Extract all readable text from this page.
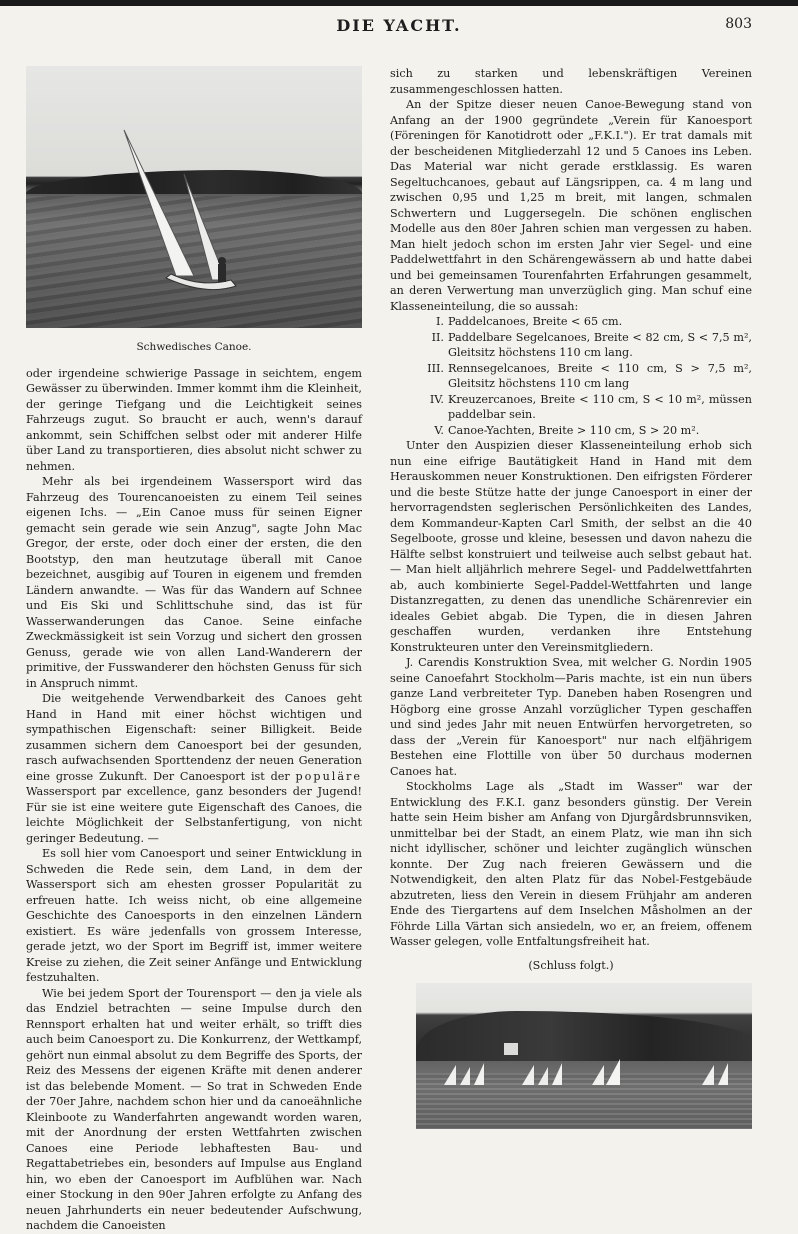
DIE YACHT.	803
Schwedisches Canoe.

oder irgendeine schwierige Passage in seichtem, engem Gewässer zu überwinden. Immer kommt ihm die Kleinheit, der geringe Tiefgang und die Leichtigkeit seines Fahrzeugs zugut. So braucht er auch, wenn's darauf ankommt, sein Schiffchen selbst oder mit anderer Hilfe über Land zu transportieren, dies absolut nicht schwer zu nehmen.

Mehr als bei irgendeinem Wassersport wird das Fahrzeug des Tourencanoeisten zu einem Teil seines eigenen Ichs. — „Ein Canoe muss für seinen Eigner gemacht sein gerade wie sein Anzug", sagte John Mac Gregor, der erste, oder doch einer der ersten, die den Bootstyp, den man heutzutage überall mit Canoe bezeichnet, ausgibig auf Touren in eigenem und fremden Ländern anwandte. — Was für das Wandern auf Schnee und Eis Ski und Schlittschuhe sind, das ist für Wasserwanderungen das Canoe. Seine einfache Zweckmässigkeit ist sein Vorzug und sichert den grossen Genuss, gerade wie von allen Land-Wanderern der primitive, der Fusswanderer den höchsten Genuss für sich in Anspruch nimmt.

Die weitgehende Verwendbarkeit des Canoes geht Hand in Hand mit einer höchst wichtigen und sympathischen Eigenschaft: seiner Billigkeit. Beide zusammen sichern dem Canoesport bei der gesunden, rasch aufwachsenden Sporttendenz der neuen Generation eine grosse Zukunft. Der Canoesport ist der populäre Wassersport par excellence, ganz besonders der Jugend! Für sie ist eine weitere gute Eigenschaft des Canoes, die leichte Möglichkeit der Selbstanfertigung, von nicht geringer Bedeutung. —

Es soll hier vom Canoesport und seiner Entwicklung in Schweden die Rede sein, dem Land, in dem der Wassersport sich am ehesten grosser Popularität zu erfreuen hatte. Ich weiss nicht, ob eine allgemeine Geschichte des Canoesports in den einzelnen Ländern existiert. Es wäre jedenfalls von grossem Interesse, gerade jetzt, wo der Sport im Begriff ist, immer weitere Kreise zu ziehen, die Zeit seiner Anfänge und Entwicklung festzuhalten.

Wie bei jedem Sport der Tourensport — den ja viele als das Endziel betrachten — seine Impulse durch den Rennsport erhalten hat und weiter erhält, so trifft dies auch beim Canoesport zu. Die Konkurrenz, der Wettkampf, gehört nun einmal absolut zu dem Begriffe des Sports, der Reiz des Messens der eigenen Kräfte mit denen anderer ist das belebende Moment. — So trat in Schweden Ende der 70er Jahre, nachdem schon hier und da canoeähnliche Kleinboote zu Wanderfahrten angewandt worden waren, mit der Anordnung der ersten Wettfahrten zwischen Canoes eine Periode lebhaftesten Bau- und Regattabetriebes ein, besonders auf Impulse aus England hin, wo eben der Canoesport im Aufblühen war. Nach einer Stockung in den 90er Jahren erfolgte zu Anfang des neuen Jahrhunderts ein neuer bedeutender Aufschwung, nachdem die Canoeisten

sich zu starken und lebenskräftigen Vereinen zusammengeschlossen hatten.

An der Spitze dieser neuen Canoe-Bewegung stand von Anfang an der 1900 gegründete „Verein für Kanoesport (Föreningen för Kanotidrott oder „F.K.I."). Er trat damals mit der bescheidenen Mitgliederzahl 12 und 5 Canoes ins Leben. Das Material war nicht gerade erstklassig. Es waren Segeltuchcanoes, gebaut auf Längsrippen, ca. 4 m lang und zwischen 0,95 und 1,25 m breit, mit langen, schmalen Schwertern und Luggersegeln. Die schönen englischen Modelle aus den 80er Jahren schien man vergessen zu haben. Man hielt jedoch schon im ersten Jahr vier Segel- und eine Paddelwettfahrt in den Schärengewässern ab und hatte dabei und bei gemeinsamen Tourenfahrten Erfahrungen gesammelt, an deren Verwertung man unverzüglich ging. Man schuf eine Klasseneinteilung, die so aussah:

I. Paddelcanoes, Breite < 65 cm.
II. Paddelbare Segelcanoes, Breite < 82 cm, S < 7,5 m², Gleitsitz höchstens 110 cm lang.
III. Rennsegelcanoes, Breite < 110 cm, S > 7,5 m², Gleitsitz höchstens 110 cm lang
IV. Kreuzercanoes, Breite < 110 cm, S < 10 m², müssen paddelbar sein.
V. Canoe-Yachten, Breite > 110 cm, S > 20 m².

Unter den Auspizien dieser Klasseneinteilung erhob sich nun eine eifrige Bautätigkeit Hand in Hand mit dem Herauskommen neuer Konstruktionen. Den eifrigsten Förderer und die beste Stütze hatte der junge Canoesport in einer der hervorragendsten seglerischen Persönlichkeiten des Landes, dem Kommandeur-Kapten Carl Smith, der selbst an die 40 Segelboote, grosse und kleine, besessen und davon nahezu die Hälfte selbst konstruiert und teilweise auch selbst gebaut hat. — Man hielt alljährlich mehrere Segel- und Paddelwettfahrten ab, auch kombinierte Segel-Paddel-Wettfahrten und lange Distanzregatten, zu denen das unendliche Schärenrevier ein ideales Gebiet abgab. Die Typen, die in diesen Jahren geschaffen wurden, verdanken ihre Entstehung Konstrukteuren unter den Vereinsmitgliedern.

J. Carendis Konstruktion Svea, mit welcher G. Nordin 1905 seine Canoefahrt Stockholm—Paris machte, ist ein nun übers ganze Land verbreiteter Typ. Daneben haben Rosengren und Högborg eine grosse Anzahl vorzüglicher Typen geschaffen und sind jedes Jahr mit neuen Entwürfen hervorgetreten, so dass der „Verein für Kanoesport" nur nach elfjährigem Bestehen eine Flottille von über 50 durchaus modernen Canoes hat.

Stockholms Lage als „Stadt im Wasser" war der Entwicklung des F.K.I. ganz besonders günstig. Der Verein hatte sein Heim bisher am Anfang von Djurgårdsbrunnsviken, unmittelbar bei der Stadt, an einem Platz, wie man ihn sich nicht idyllischer, schöner und leichter zugänglich wünschen konnte. Der Zug nach freieren Gewässern und die Notwendigkeit, den alten Platz für das Nobel-Festgebäude abzutreten, liess den Verein in diesem Frühjahr am anderen Ende des Tiergartens auf dem Inselchen Måsholmen an der Föhrde Lilla Värtan sich ansiedeln, wo er, an freiem, offenem Wasser gelegen, volle Entfaltungsfreiheit hat.

(Schluss folgt.)
